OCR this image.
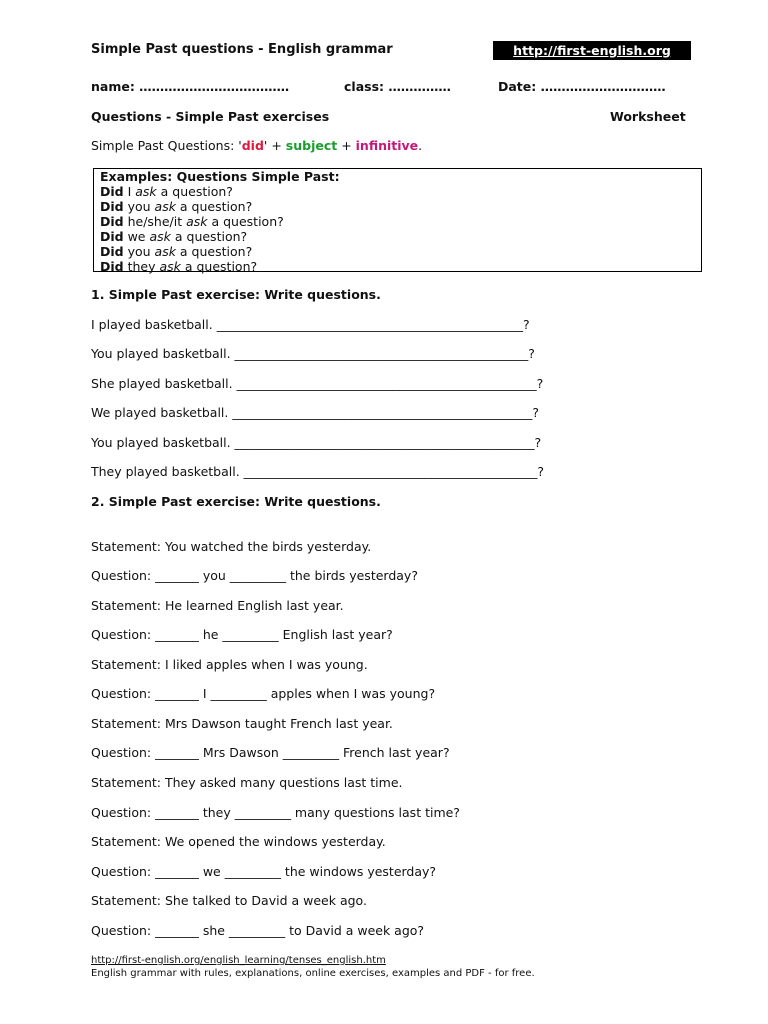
Simple Past questions - English grammar	http://first-english.org
name: ………………………………	class: ……………	Date: …………………………
Questions - Simple Past exercises	Worksheet
Simple Past Questions: 'did' + subject + infinitive.
Examples: Questions Simple Past:
Did I ask a question?
Did you ask a question?
Did he/she/it ask a question?
Did we ask a question?
Did you ask a question?
Did they ask a question?
1. Simple Past exercise: Write questions.
I played basketball. _________________________________________________?
You played basketball. _______________________________________________?
She played basketball. ________________________________________________?
We played basketball. ________________________________________________?
You played basketball. ________________________________________________?
They played basketball. _______________________________________________?
2. Simple Past exercise: Write questions.
Statement: You watched the birds yesterday.
Question: _______ you _________ the birds yesterday?
Statement: He learned English last year.
Question: _______ he _________ English last year?
Statement: I liked apples when I was young.
Question: _______ I _________ apples when I was young?
Statement: Mrs Dawson taught French last year.
Question: _______ Mrs Dawson _________ French last year?
Statement: They asked many questions last time.
Question: _______ they _________ many questions last time?
Statement: We opened the windows yesterday.
Question: _______ we _________ the windows yesterday?
Statement: She talked to David a week ago.
Question: _______ she _________ to David a week ago?
http://first-english.org/english_learning/tenses_english.htm
English grammar with rules, explanations, online exercises, examples and PDF - for free.
